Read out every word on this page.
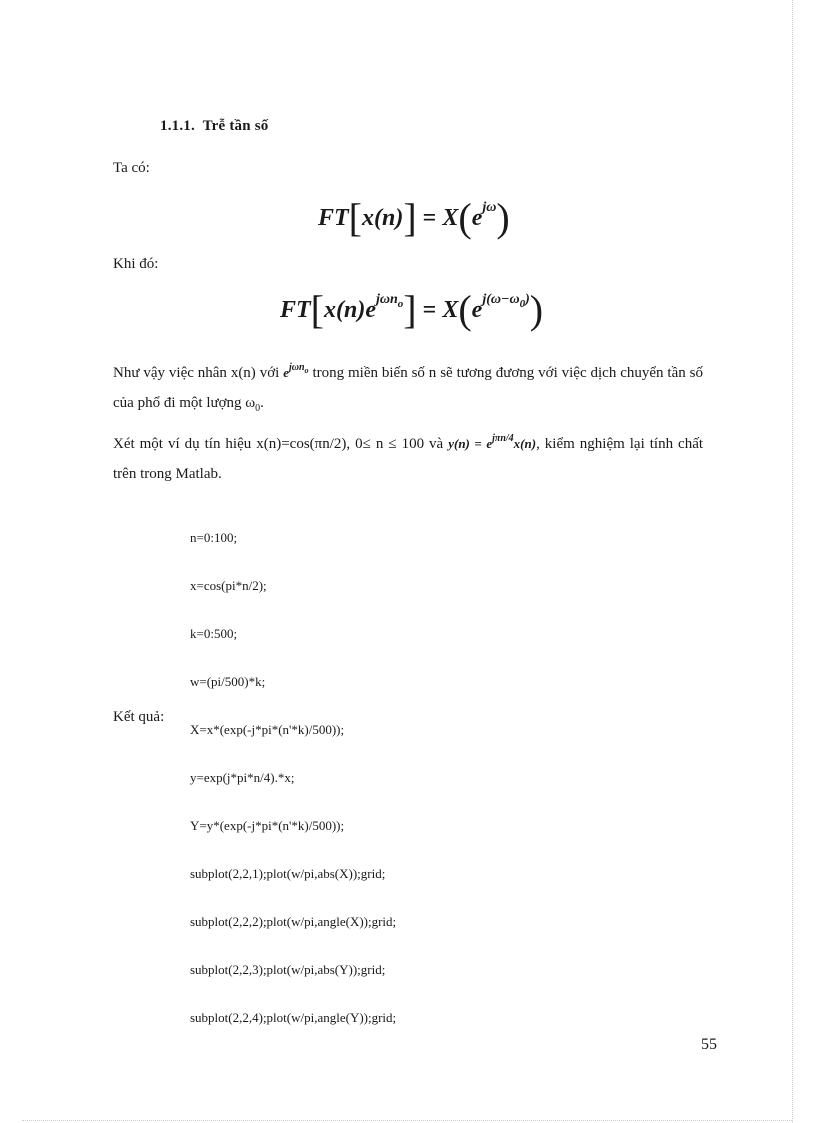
1.1.1. Trễ tần số
Ta có:
$FT[x(n)] = X(e^{j\omega})$
Khi đó:
$FT[x(n)e^{j\omega n_o}] = X(e^{j(\omega-\omega_0)})$
Như vậy việc nhân x(n) với $e^{j\omega n_o}$ trong miền biến số n sẽ tương đương với việc dịch chuyển tần số của phổ đi một lượng $\omega_0$.
Xét một ví dụ tín hiệu x(n)=cos(πn/2), 0≤ n ≤ 100 và $y(n) = e^{j\pi n/4}x(n)$, kiểm nghiệm lại tính chất trên trong Matlab.

n=0:100;

x=cos(pi*n/2);

k=0:500;

w=(pi/500)*k;

X=x*(exp(-j*pi*(n'*k)/500));

y=exp(j*pi*n/4).*x;

Y=y*(exp(-j*pi*(n'*k)/500));

subplot(2,2,1);plot(w/pi,abs(X));grid;

subplot(2,2,2);plot(w/pi,angle(X));grid;

subplot(2,2,3);plot(w/pi,abs(Y));grid;

subplot(2,2,4);plot(w/pi,angle(Y));grid;

Kết quả:
55
